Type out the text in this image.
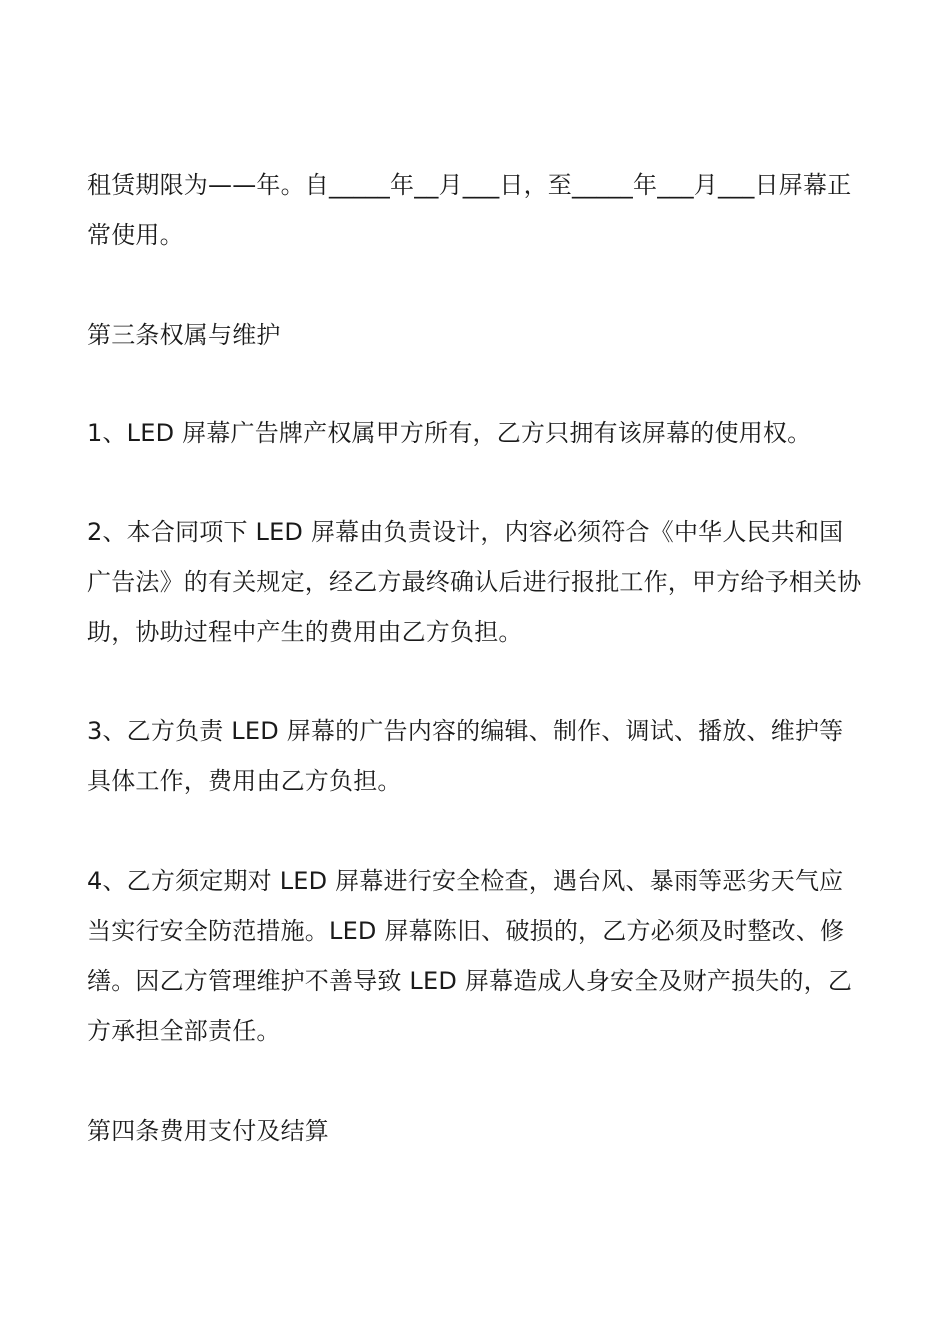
租赁期限为——年。自_____年__月___日，至_____年___月___日屏幕正常使用。

第三条权属与维护

1、LED 屏幕广告牌产权属甲方所有，乙方只拥有该屏幕的使用权。

2、本合同项下 LED 屏幕由负责设计，内容必须符合《中华人民共和国广告法》的有关规定，经乙方最终确认后进行报批工作，甲方给予相关协助，协助过程中产生的费用由乙方负担。

3、乙方负责 LED 屏幕的广告内容的编辑、制作、调试、播放、维护等具体工作，费用由乙方负担。

4、乙方须定期对 LED 屏幕进行安全检查，遇台风、暴雨等恶劣天气应当实行安全防范措施。LED 屏幕陈旧、破损的，乙方必须及时整改、修缮。因乙方管理维护不善导致 LED 屏幕造成人身安全及财产损失的，乙方承担全部责任。

第四条费用支付及结算
